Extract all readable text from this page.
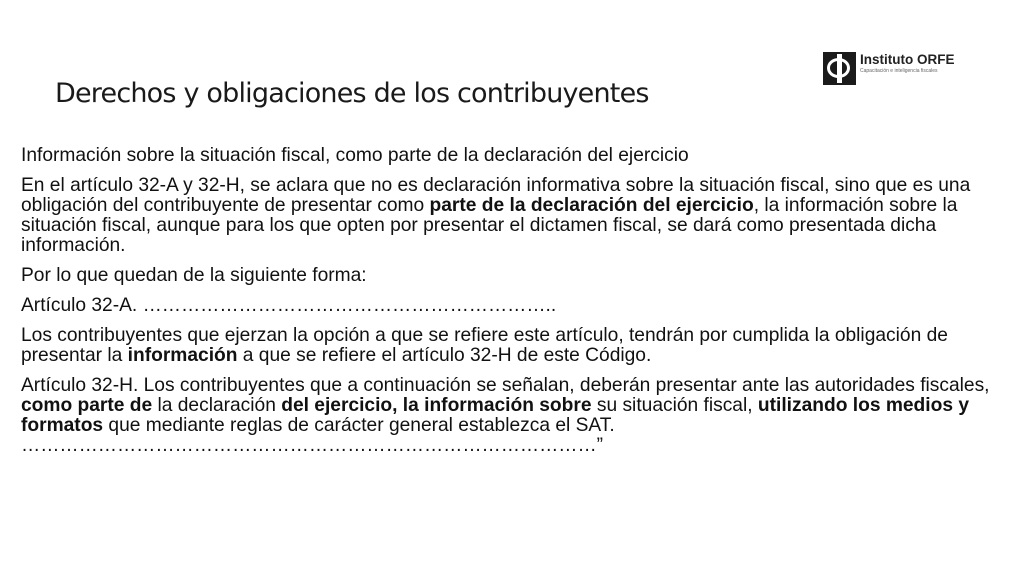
Derechos y obligaciones de los contribuyentes
Instituto ORFE
Capacitación e inteligencia fiscales

Información sobre la situación fiscal, como parte de la declaración del ejercicio

En el artículo 32-A y 32-H, se aclara que no es declaración informativa sobre la situación fiscal, sino que es una obligación del contribuyente de presentar como parte de la declaración del ejercicio, la información sobre la situación fiscal, aunque para los que opten por presentar el dictamen fiscal, se dará como presentada dicha información.

Por lo que quedan de la siguiente forma:

Artículo 32-A. ………………………………………………………..

Los contribuyentes que ejerzan la opción a que se refiere este artículo, tendrán por cumplida la obligación de presentar la información a que se refiere el artículo 32-H de este Código.

Artículo 32-H. Los contribuyentes que a continuación se señalan, deberán presentar ante las autoridades fiscales, como parte de la declaración del ejercicio, la información sobre su situación fiscal, utilizando los medios y formatos que mediante reglas de carácter general establezca el SAT. ………………………………………………………………………………”
